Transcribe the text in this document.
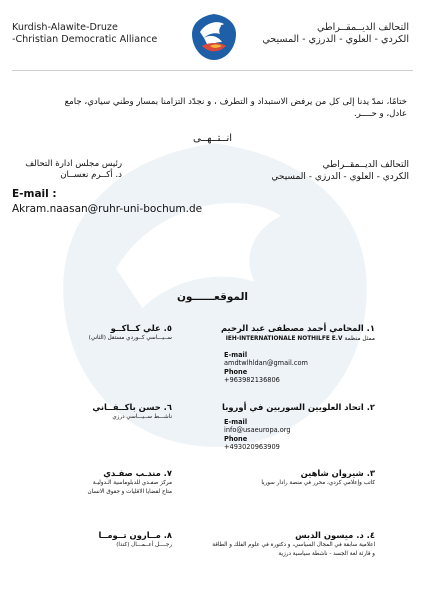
Kurdish-Alawite-Druze
-Christian Democratic Alliance
التحالف الديــمقــراطي
الكردي - العلوي - الدرزي - المسيحي
ختامًا، نمدّ يدنا إلى كل من يرفض الاستبداد و التطرف ، و نجدّد التزامنا بمسار وطني سيادي، جامع
عادل، و حــــر.
انــتــهــى
رئيس مجلس ادارة التحالف
د. أكــرم نعســان
التحالف الديــمقــراطي
الكردي - العلوي - الدرزي - المسيحي
E-mail :
Akram.naasan@ruhr-uni-bochum.de
الموقعــــــون
١. المحامي أحمد مصطفى عبد الرحيم
IEH-INTERNATIONALE NOTHILFE E.V ممثل منظمة
E-mail
amdtwlhldan@gmail.com
Phone
+963982136806
٢. اتحاد العلويين السوريين في أوروبا
E-mail
info@usaeuropa.org
Phone
+493020963909
٣. شيروان شاهين
كاتب وإعلامي كردي، محرر في منصة رادار سوريا
٤. د. ميسون الدبس
اعلامية سابقة في المجال السياسي، و دكتورة في علوم الفلك و الطاقة
و قارئة لغة الجسد - ناشطة سياسية درزية
٥. علي كــاكــو
ســيـــاسي كــوردي مستقل (الثاني)
٦. حسن باكــفــاني
ناشـــط ســيـــاسي درزي
٧. مندـب صفـدي
مركز صفـدي للدبلوماسية الـدوليـة
متاح لقضايا الاقليات و حقوق الانسان
٨. مــارون تــومــا
رجــــل أعــمـــال (كندا)
